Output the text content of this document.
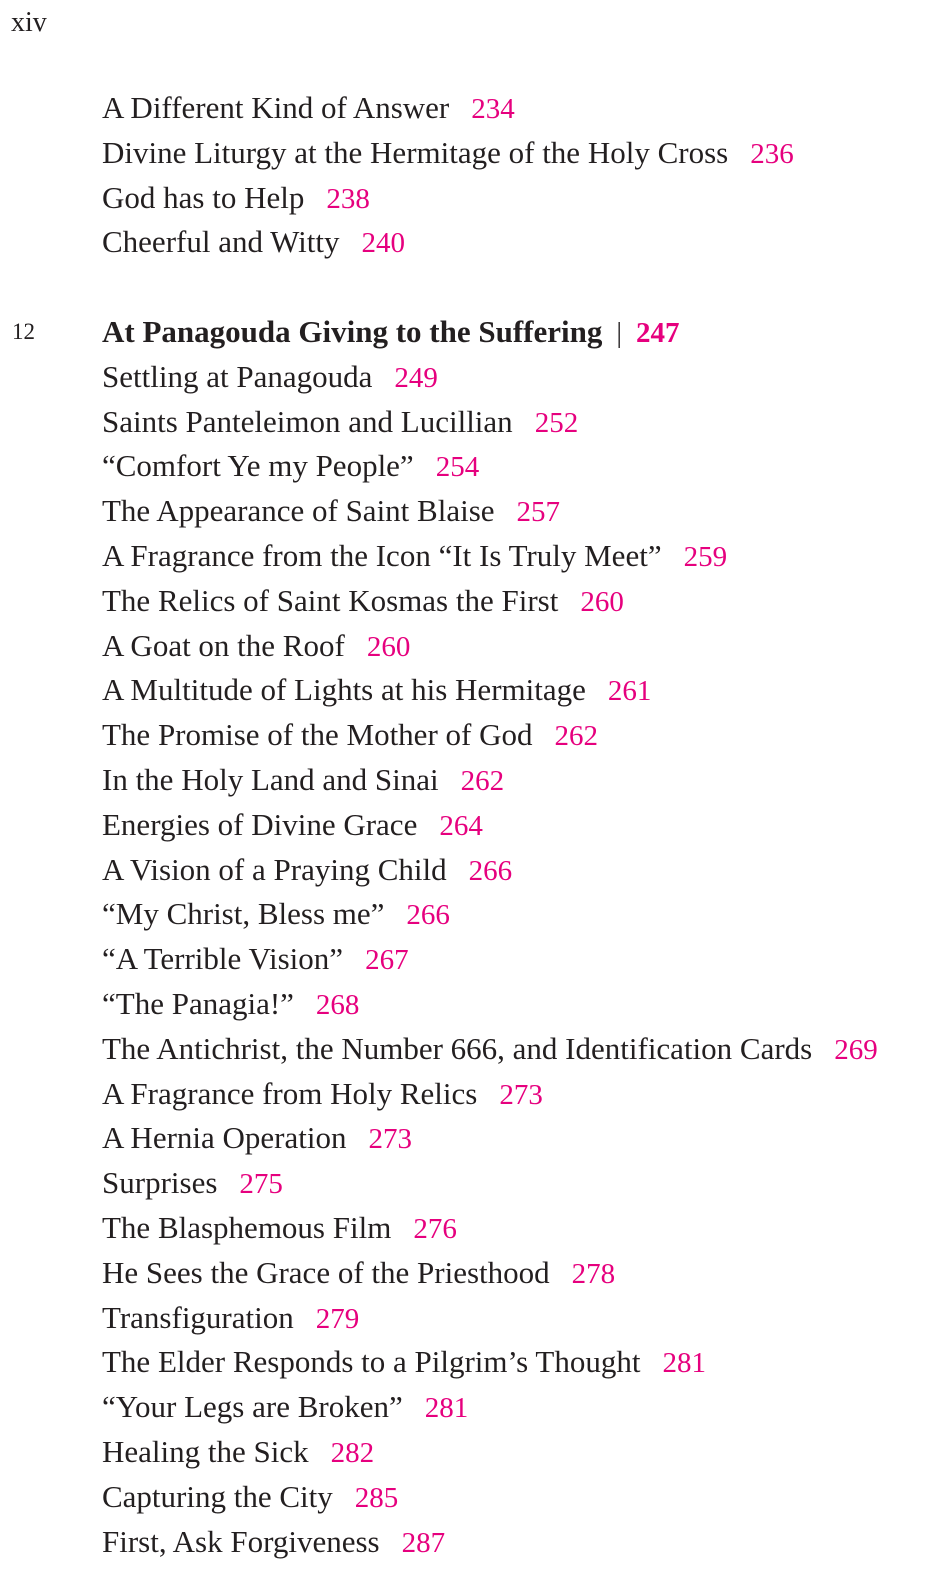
xiv
A Different Kind of Answer 234
Divine Liturgy at the Hermitage of the Holy Cross 236
God has to Help 238
Cheerful and Witty 240
12 At Panagouda Giving to the Suffering | 247
Settling at Panagouda 249
Saints Panteleimon and Lucillian 252
“Comfort Ye my People” 254
The Appearance of Saint Blaise 257
A Fragrance from the Icon “It Is Truly Meet” 259
The Relics of Saint Kosmas the First 260
A Goat on the Roof 260
A Multitude of Lights at his Hermitage 261
The Promise of the Mother of God 262
In the Holy Land and Sinai 262
Energies of Divine Grace 264
A Vision of a Praying Child 266
“My Christ, Bless me” 266
“A Terrible Vision” 267
“The Panagia!” 268
The Antichrist, the Number 666, and Identification Cards 269
A Fragrance from Holy Relics 273
A Hernia Operation 273
Surprises 275
The Blasphemous Film 276
He Sees the Grace of the Priesthood 278
Transfiguration 279
The Elder Responds to a Pilgrim’s Thought 281
“Your Legs are Broken” 281
Healing the Sick 282
Capturing the City 285
First, Ask Forgiveness 287
